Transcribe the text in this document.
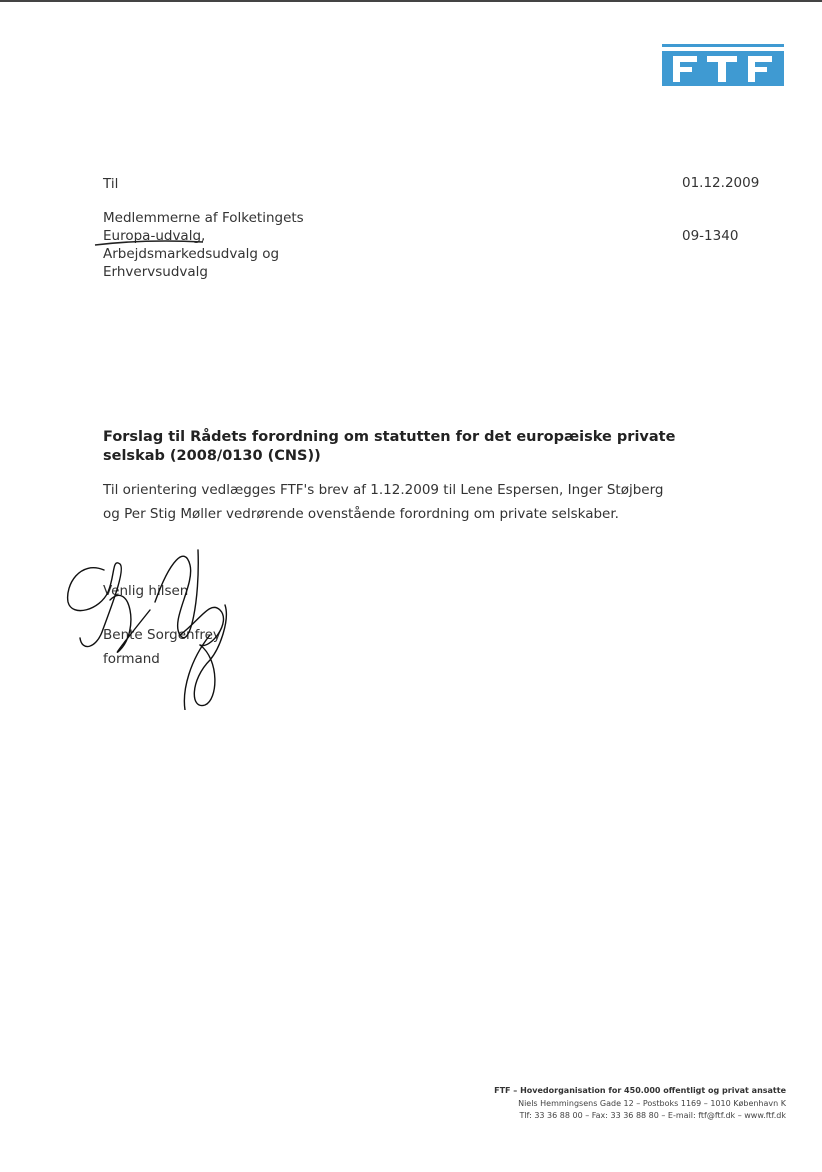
Til
Medlemmerne af Folketingets
Europa-udvalg,
Arbejdsmarkedsudvalg og
Erhvervsudvalg
01.12.2009
09-1340
Forslag til Rådets forordning om statutten for det europæiske private selskab (2008/0130 (CNS))
Til orientering vedlægges FTF's brev af 1.12.2009 til Lene Espersen, Inger Støjberg og Per Stig Møller vedrørende ovenstående forordning om private selskaber.
Venlig hilsen
Bente Sorgenfrey
formand
FTF – Hovedorganisation for 450.000 offentligt og privat ansatte
Niels Hemmingsens Gade 12 – Postboks 1169 – 1010 København K
Tlf: 33 36 88 00 – Fax: 33 36 88 80 – E-mail: ftf@ftf.dk – www.ftf.dk
